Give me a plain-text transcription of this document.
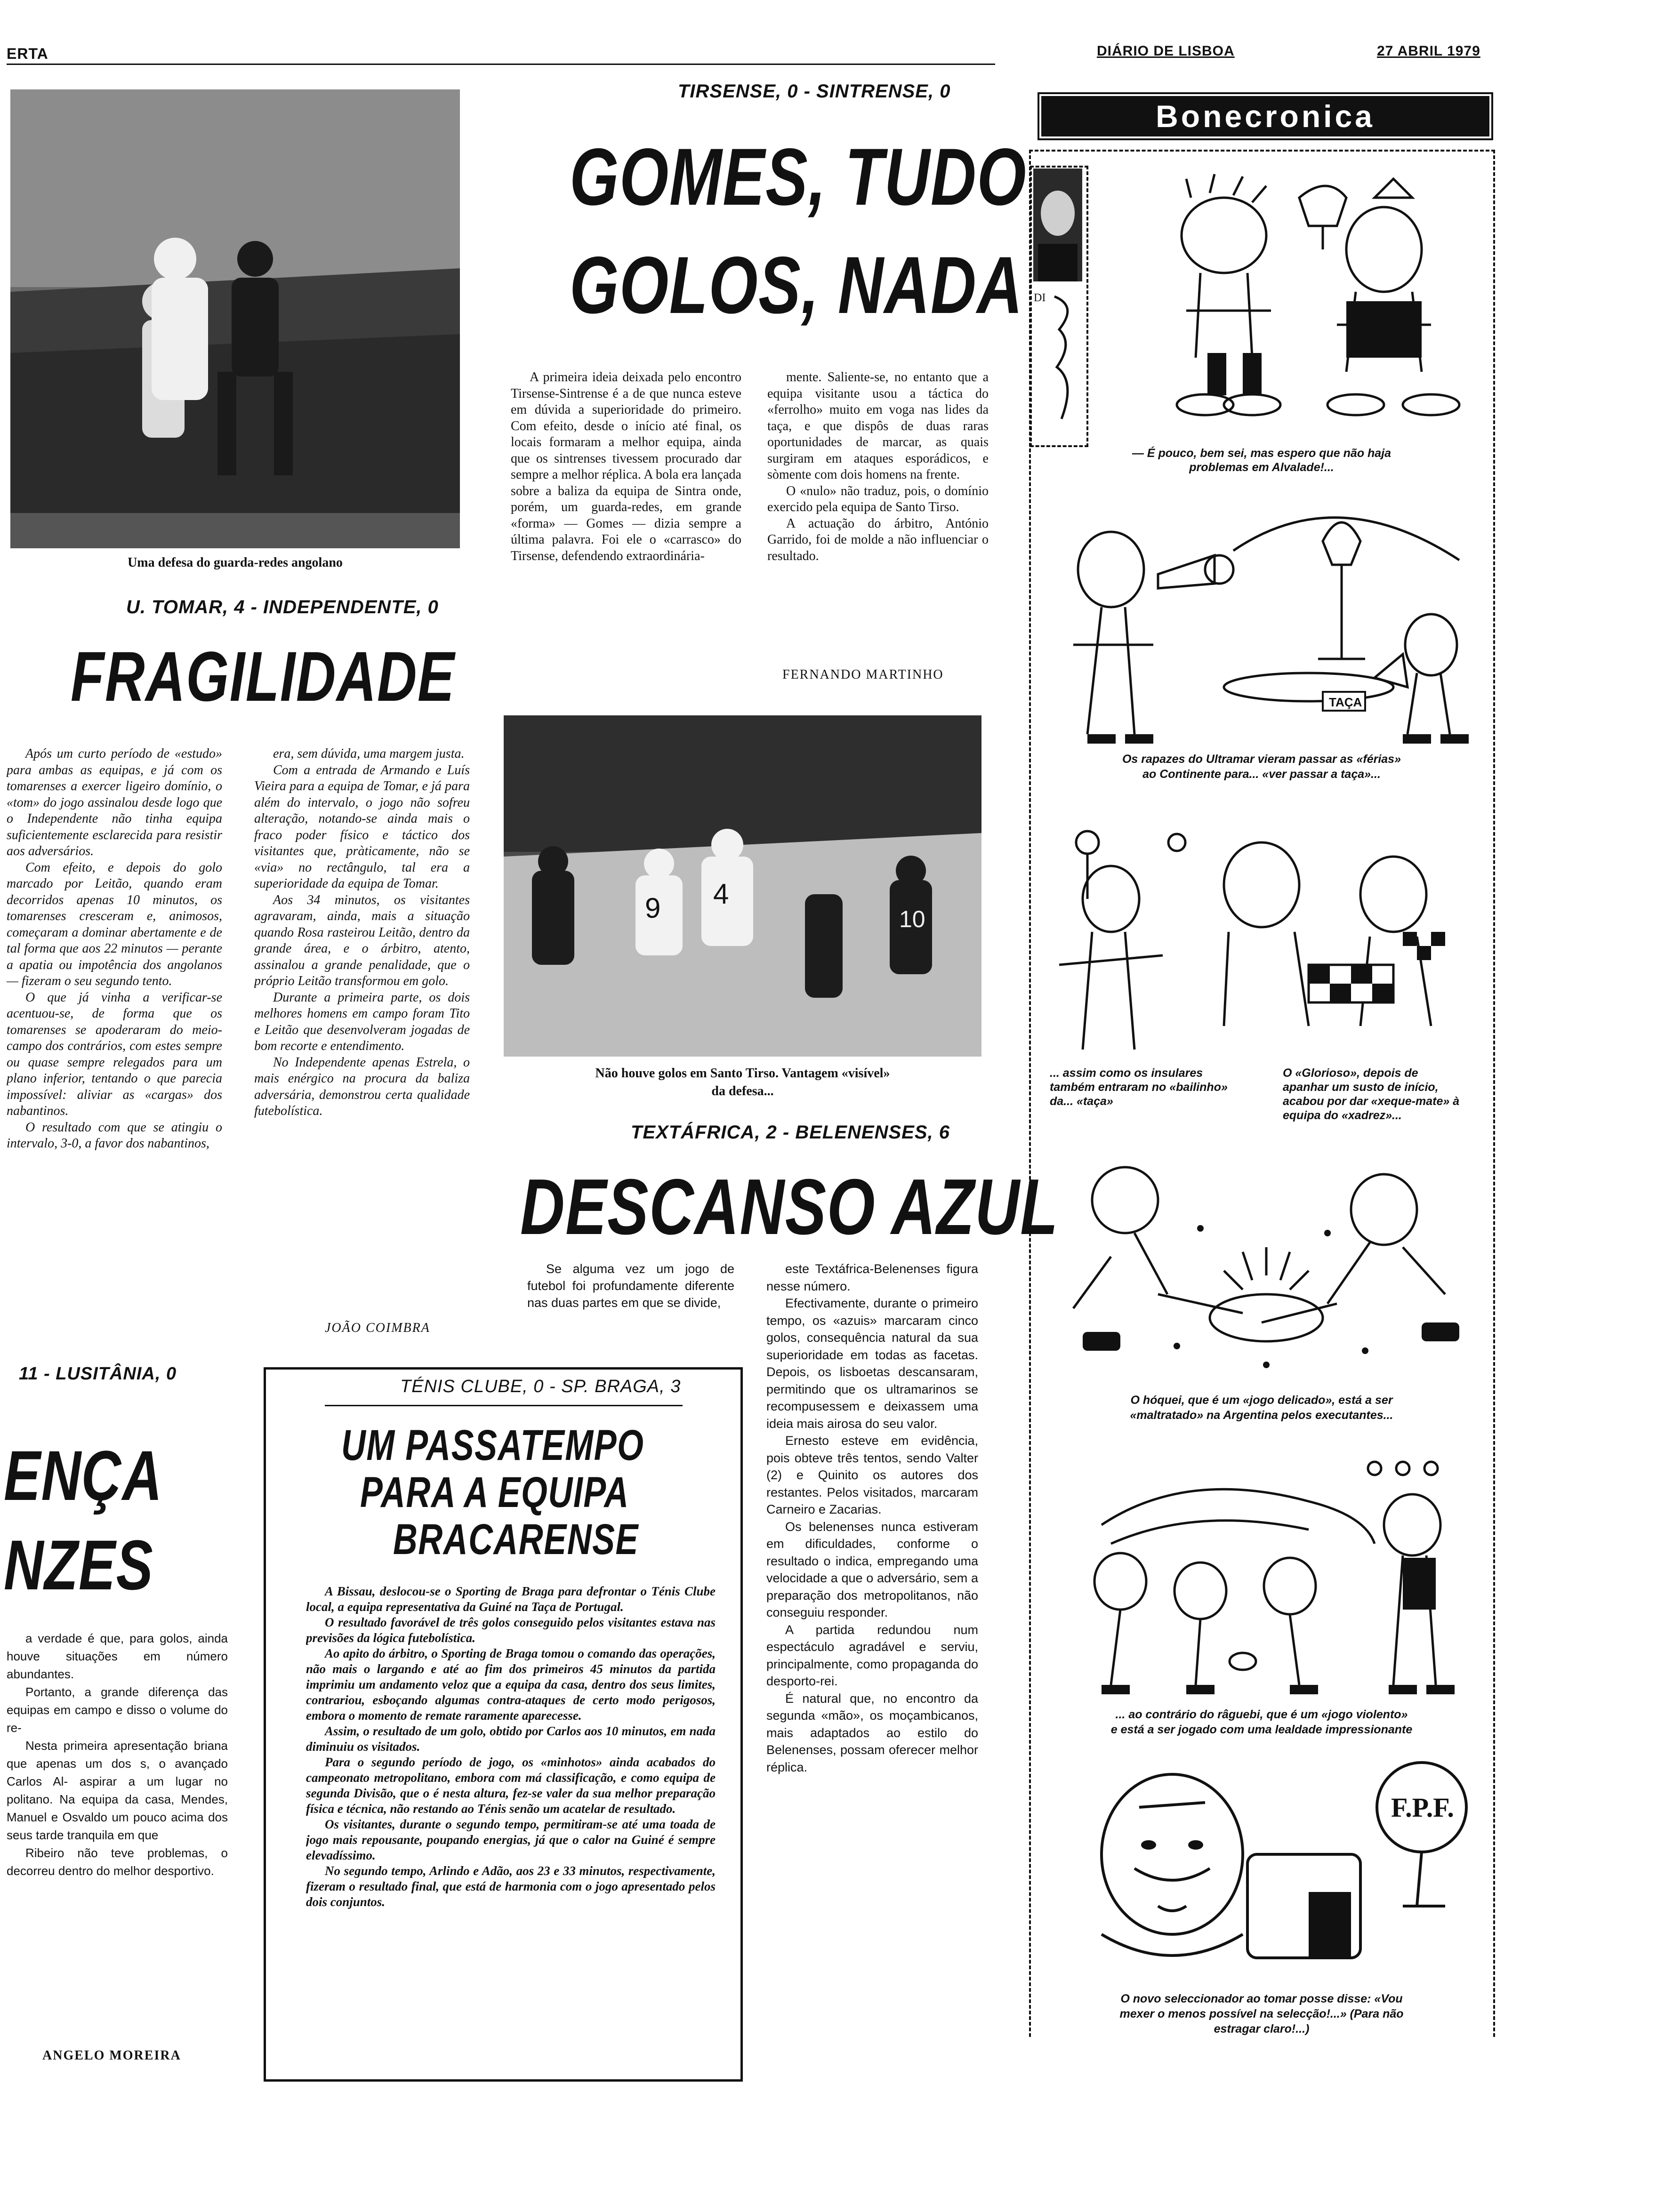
ERTA	DIÁRIO DE LISBOA	27 ABRIL 1979
Uma defesa do guarda-redes angolano
U. TOMAR, 4 - INDEPENDENTE, 0
FRAGILIDADE

Após um curto período de «estudo» para ambas as equipas, e já com os tomarenses a exercer ligeiro domínio, o «tom» do jogo assinalou desde logo que o Independente não tinha equipa suficientemente esclarecida para resistir aos adversários.

Com efeito, e depois do golo marcado por Leitão, quando eram decorridos apenas 10 minutos, os tomarenses cresceram e, animosos, começaram a dominar abertamente e de tal forma que aos 22 minutos — perante a apatia ou impotência dos angolanos — fizeram o seu segundo tento.

O que já vinha a verificar-se acentuou-se, de forma que os tomarenses se apoderaram do meio-campo dos contrários, com estes sempre ou quase sempre relegados para um plano inferior, tentando o que parecia impossível: aliviar as «cargas» dos nabantinos.

O resultado com que se atingiu o intervalo, 3-0, a favor dos nabantinos,

era, sem dúvida, uma margem justa.

Com a entrada de Armando e Luís Vieira para a equipa de Tomar, e já para além do intervalo, o jogo não sofreu alteração, notando-se ainda mais o fraco poder físico e táctico dos visitantes que, pràticamente, não se «via» no rectângulo, tal era a superioridade da equipa de Tomar.

Aos 34 minutos, os visitantes agravaram, ainda, mais a situação quando Rosa rasteirou Leitão, dentro da grande área, e o árbitro, atento, assinalou a grande penalidade, que o próprio Leitão transformou em golo.

Durante a primeira parte, os dois melhores homens em campo foram Tito e Leitão que desenvolveram jogadas de bom recorte e entendimento.

No Independente apenas Estrela, o mais enérgico na procura da baliza adversária, demonstrou certa qualidade futebolística.

JOÃO COIMBRA
11 - LUSITÂNIA, 0
ENÇA
NZES

a verdade é que, para golos, ainda houve situações em número abundantes.

Portanto, a grande diferença das equipas em campo e disso o volume do re-

Nesta primeira apresentação briana que apenas um dos s, o avançado Carlos Al- aspirar a um lugar no politano. Na equipa da casa, Mendes, Manuel e Osvaldo um pouco acima dos seus tarde tranquila em que

Ribeiro não teve problemas, o decorreu dentro do melhor desportivo.

ANGELO MOREIRA
TIRSENSE, 0 - SINTRENSE, 0
GOMES, TUDO
GOLOS, NADA

A primeira ideia deixada pelo encontro Tirsense-Sintrense é a de que nunca esteve em dúvida a superioridade do primeiro. Com efeito, desde o início até final, os locais formaram a melhor equipa, ainda que os sintrenses tivessem procurado dar sempre a melhor réplica. A bola era lançada sobre a baliza da equipa de Sintra onde, porém, um guarda-redes, em grande «forma» — Gomes — dizia sempre a última palavra. Foi ele o «carrasco» do Tirsense, defendendo extraordinária-

mente. Saliente-se, no entanto que a equipa visitante usou a táctica do «ferrolho» muito em voga nas lides da taça, e que dispôs de duas raras oportunidades de marcar, as quais surgiram em ataques esporádicos, e sòmente com dois homens na frente.

O «nulo» não traduz, pois, o domínio exercido pela equipa de Santo Tirso.

A actuação do árbitro, António Garrido, foi de molde a não influenciar o resultado.

FERNANDO MARTINHO
9 4
10
Não houve golos em Santo Tirso. Vantagem «visível»
da defesa...
TEXTÁFRICA, 2 - BELENENSES, 6
DESCANSO AZUL

Se alguma vez um jogo de futebol foi profundamente diferente nas duas partes em que se divide,

este Textáfrica-Belenenses figura nesse número.

Efectivamente, durante o primeiro tempo, os «azuis» marcaram cinco golos, consequência natural da sua superioridade em todas as facetas. Depois, os lisboetas descansaram, permitindo que os ultramarinos se recompusessem e deixassem uma ideia mais airosa do seu valor.

Ernesto esteve em evidência, pois obteve três tentos, sendo Valter (2) e Quinito os autores dos restantes. Pelos visitados, marcaram Carneiro e Zacarias.

Os belenenses nunca estiveram em dificuldades, conforme o resultado o indica, empregando uma velocidade a que o adversário, sem a preparação dos metropolitanos, não conseguiu responder.

A partida redundou num espectáculo agradável e serviu, principalmente, como propaganda do desporto-rei.

É natural que, no encontro da segunda «mão», os moçambicanos, mais adaptados ao estilo do Belenenses, possam oferecer melhor réplica.

TÉNIS CLUBE, 0 - SP. BRAGA, 3
UM PASSATEMPO
PARA A EQUIPA
BRACARENSE

A Bissau, deslocou-se o Sporting de Braga para defrontar o Ténis Clube local, a equipa representativa da Guiné na Taça de Portugal.

O resultado favorável de três golos conseguido pelos visitantes estava nas previsões da lógica futebolística.

Ao apito do árbitro, o Sporting de Braga tomou o comando das operações, não mais o largando e até ao fim dos primeiros 45 minutos da partida imprimiu um andamento veloz que a equipa da casa, dentro dos seus limites, contrariou, esboçando algumas contra-ataques de certo modo perigosos, embora o momento de remate raramente aparecesse.

Assim, o resultado de um golo, obtido por Carlos aos 10 minutos, em nada diminuiu os visitados.

Para o segundo período de jogo, os «minhotos» ainda acabados do campeonato metropolitano, embora com má classificação, e como equipa de segunda Divisão, que o é nesta altura, fez-se valer da sua melhor preparação física e técnica, não restando ao Ténis senão um acatelar de resultado.

Os visitantes, durante o segundo tempo, permitiram-se até uma toada de jogo mais repousante, poupando energias, já que o calor na Guiné é sempre elevadíssimo.

No segundo tempo, Arlindo e Adão, aos 23 e 33 minutos, respectivamente, fizeram o resultado final, que está de harmonia com o jogo apresentado pelos dois conjuntos.

Bonecronica
DI
— É pouco, bem sei, mas espero que não haja
problemas em Alvalade!...
TAÇA
Os rapazes do Ultramar vieram passar as «férias»
ao Continente para... «ver passar a taça»...
... assim como os insulares também entraram no «bailinho» da... «taça»
O «Glorioso», depois de apanhar um susto de início, acabou por dar «xeque-mate» à equipa do «xadrez»...
O hóquei, que é um «jogo delicado», está a ser
«maltratado» na Argentina pelos executantes...
... ao contrário do râguebi, que é um «jogo violento»
e está a ser jogado com uma lealdade impressionante
F.P.F.
O novo seleccionador ao tomar posse disse: «Vou
mexer o menos possível na selecção!...» (Para não
estragar claro!...)
